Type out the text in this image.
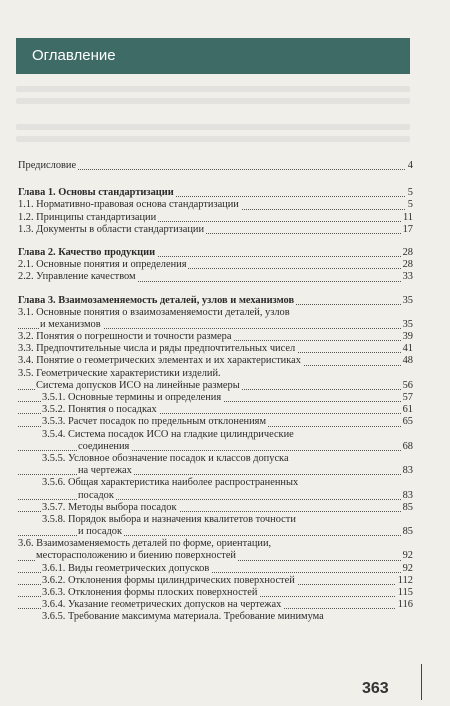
Оглавление
Предисловие	4
Глава 1. Основы стандартизации	5
1.1. Нормативно-правовая основа стандартизации	5
1.2. Принципы стандартизации	11
1.3. Документы в области стандартизации	17
Глава 2. Качество продукции	28
2.1. Основные понятия и определения	28
2.2. Управление качеством	33
Глава 3. Взаимозаменяемость деталей, узлов и механизмов	35
3.1. Основные понятия о взаимозаменяемости деталей, узлов
и механизмов	35
3.2. Понятия о погрешности и точности размера	39
3.3. Предпочтительные числа и ряды предпочтительных чисел	41
3.4. Понятие о геометрических элементах и их характеристиках	48
3.5. Геометрические характеристики изделий.
Система допусков ИСО на линейные размеры	56
3.5.1. Основные термины и определения	57
3.5.2. Понятия о посадках	61
3.5.3. Расчет посадок по предельным отклонениям	65
3.5.4. Система посадок ИСО на гладкие цилиндрические
соединения	68
3.5.5. Условное обозначение посадок и классов допуска
на чертежах	83
3.5.6. Общая характеристика наиболее распространенных
посадок	83
3.5.7. Методы выбора посадок	85
3.5.8. Порядок выбора и назначения квалитетов точности
и посадок	85
3.6. Взаимозаменяемость деталей по форме, ориентации,
месторасположению и биению поверхностей	92
3.6.1. Виды геометрических допусков	92
3.6.2. Отклонения формы цилиндрических поверхностей	112
3.6.3. Отклонения формы плоских поверхностей	115
3.6.4. Указание геометрических допусков на чертежах	116
3.6.5. Требование максимума материала. Требование минимума
363
